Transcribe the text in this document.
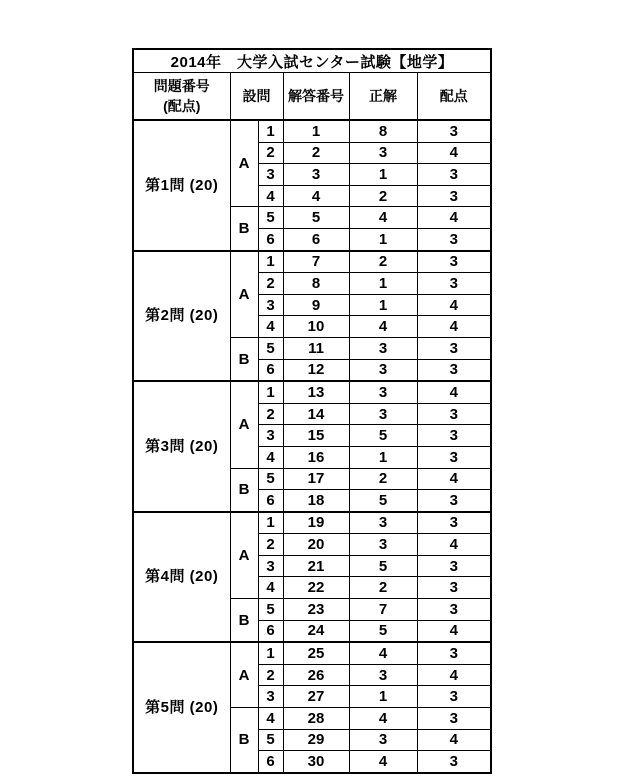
2014年　大学入試センター試験【地学】					
問題番号
(配点)	設問		解答番号	正解	配点
第1問 (20)	A	1	1	8	3
		2	2	3	4
		3	3	1	3
		4	4	2	3
	B	5	5	4	4
		6	6	1	3
第2問 (20)	A	1	7	2	3
		2	8	1	3
		3	9	1	4
		4	10	4	4
	B	5	11	3	3
		6	12	3	3
第3問 (20)	A	1	13	3	4
		2	14	3	3
		3	15	5	3
		4	16	1	3
	B	5	17	2	4
		6	18	5	3
第4問 (20)	A	1	19	3	3
		2	20	3	4
		3	21	5	3
		4	22	2	3
	B	5	23	7	3
		6	24	5	4
第5問 (20)	A	1	25	4	3
		2	26	3	4
		3	27	1	3
	B	4	28	4	3
		5	29	3	4
		6	30	4	3
